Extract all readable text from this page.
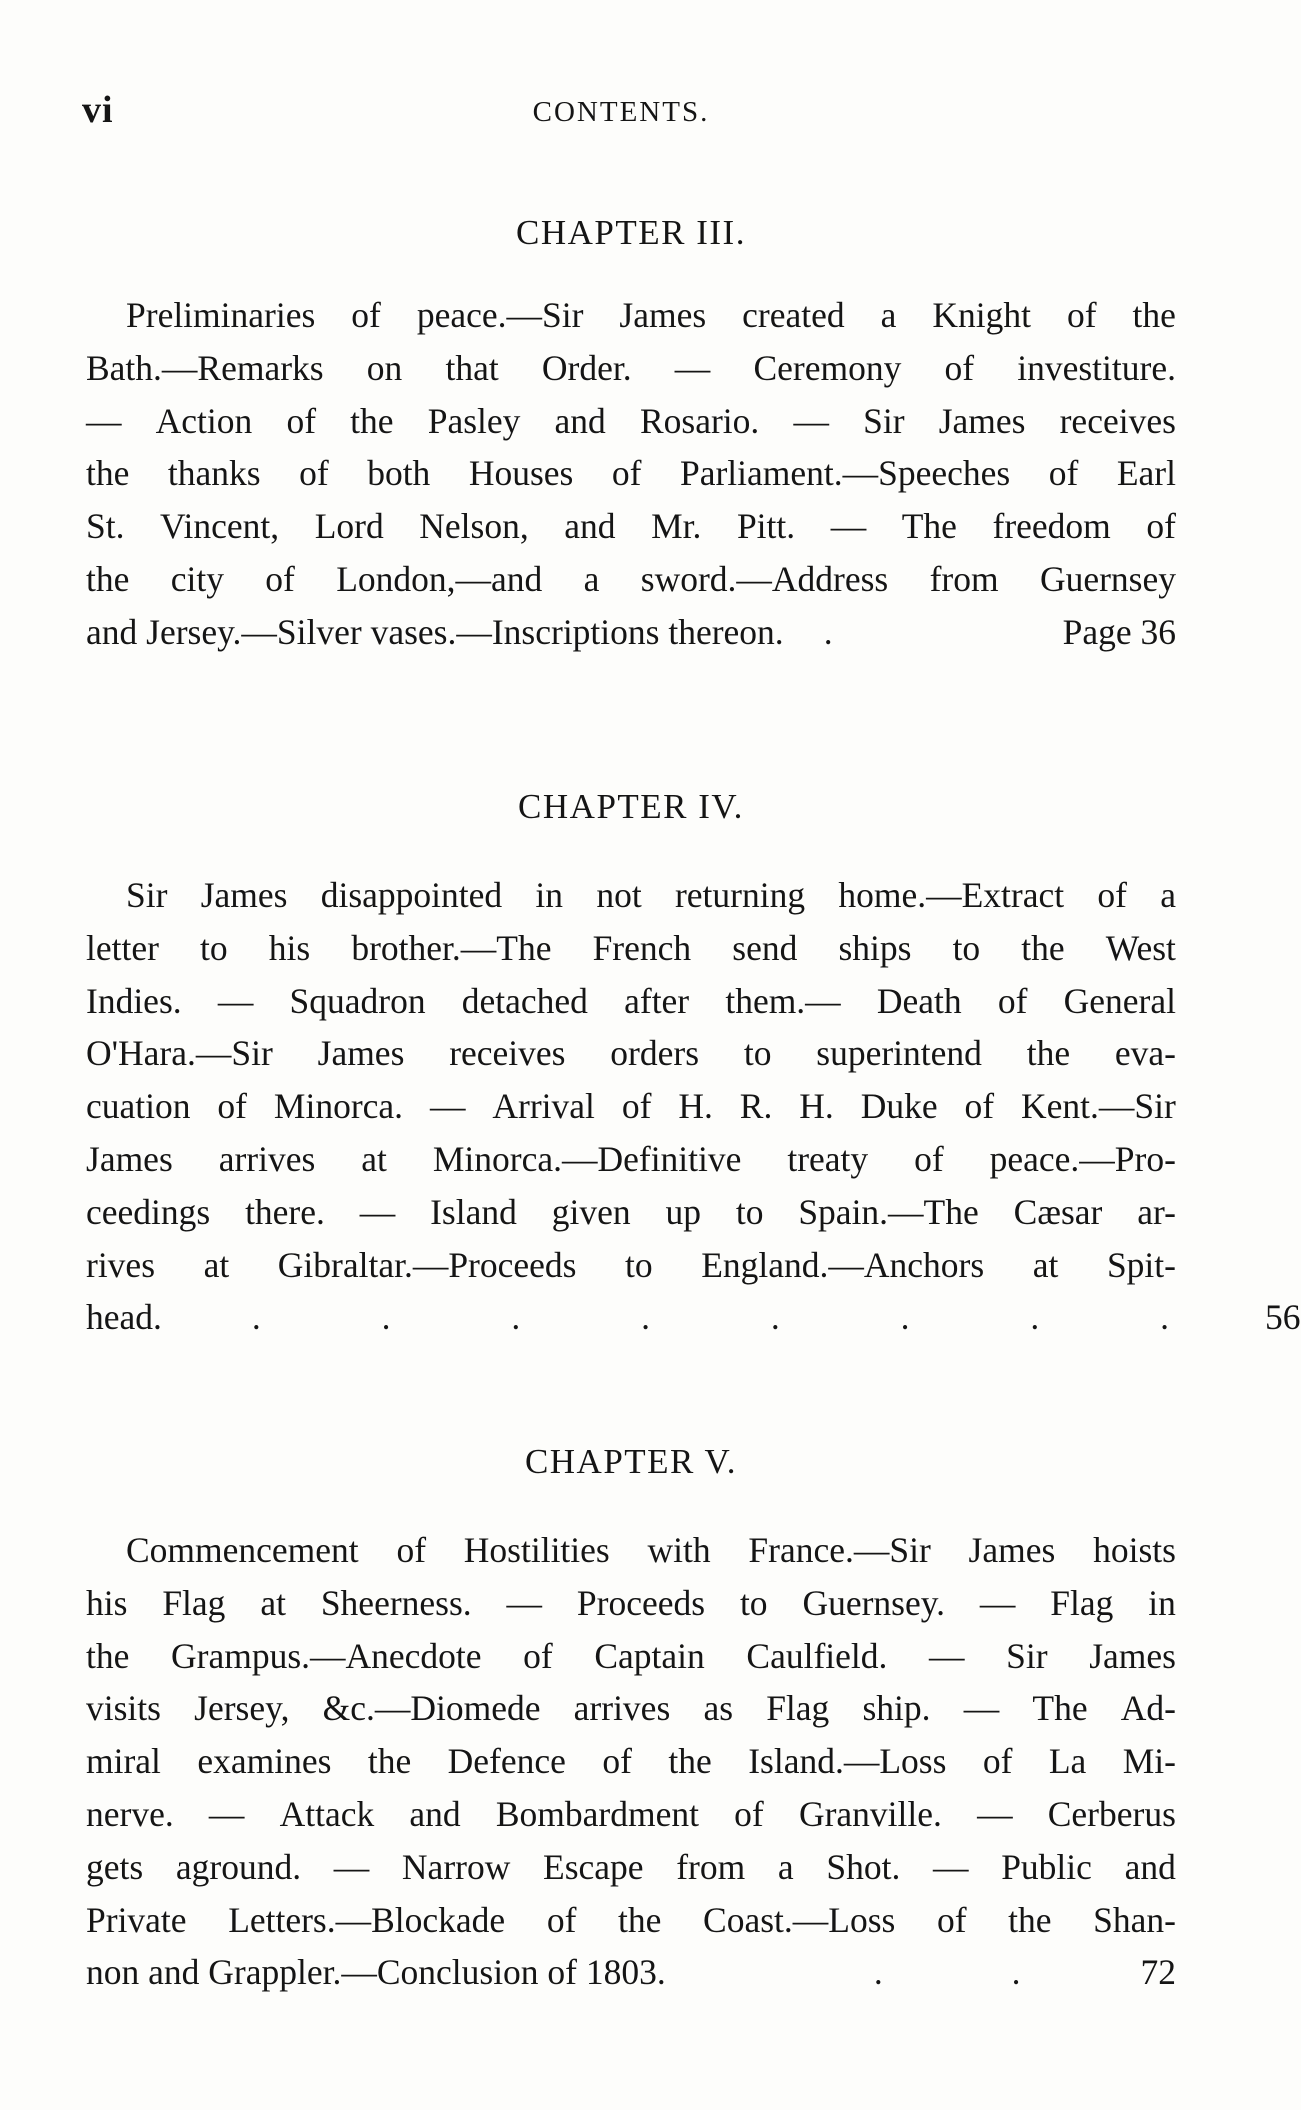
vi	CONTENTS.
CHAPTER III.
Preliminaries of peace.—Sir James created a Knight of the
Bath.—Remarks on that Order. — Ceremony of investiture.
— Action of the Pasley and Rosario. — Sir James receives
the thanks of both Houses of Parliament.—Speeches of Earl
St. Vincent, Lord Nelson, and Mr. Pitt. — The freedom of
the city of London,—and a sword.—Address from Guernsey
and Jersey.—Silver vases.—Inscriptions thereon. .	Page 36
CHAPTER IV.
Sir James disappointed in not returning home.—Extract of a
letter to his brother.—The French send ships to the West
Indies. — Squadron detached after them.— Death of General
O'Hara.—Sir James receives orders to superintend the eva-
cuation of Minorca. — Arrival of H. R. H. Duke of Kent.—Sir
James arrives at Minorca.—Definitive treaty of peace.—Pro-
ceedings there. — Island given up to Spain.—The Cæsar ar-
rives at Gibraltar.—Proceeds to England.—Anchors at Spit-
head.	. . . . . . . . 56
CHAPTER V.
Commencement of Hostilities with France.—Sir James hoists
his Flag at Sheerness. — Proceeds to Guernsey. — Flag in
the Grampus.—Anecdote of Captain Caulfield. — Sir James
visits Jersey, &c.—Diomede arrives as Flag ship. — The Ad-
miral examines the Defence of the Island.—Loss of La Mi-
nerve. — Attack and Bombardment of Granville. — Cerberus
gets aground. — Narrow Escape from a Shot. — Public and
Private Letters.—Blockade of the Coast.—Loss of the Shan-
non and Grappler.—Conclusion of 1803.	. . 72
